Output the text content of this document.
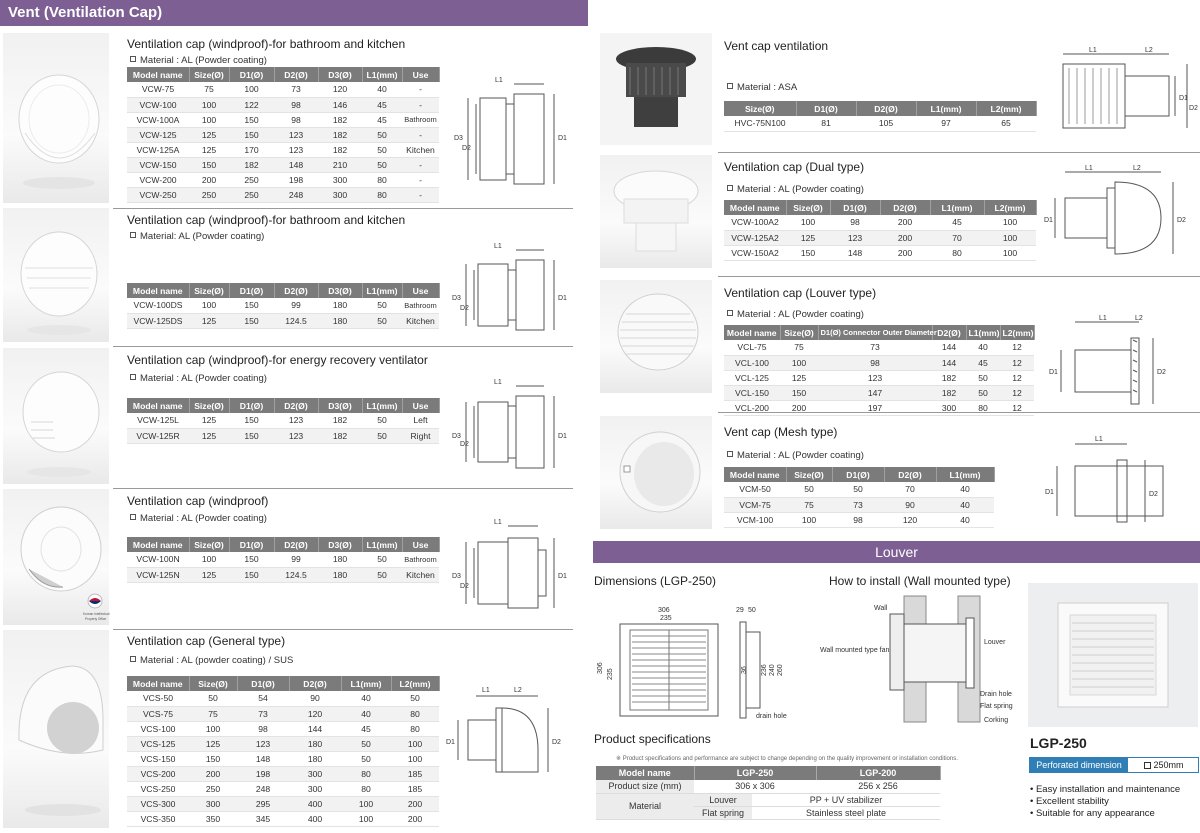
Vent (Ventilation Cap)
Ventilation cap (windproof)-for bathroom and kitchen
Material : AL (Powder coating)
Model name	Size(Ø)	D1(Ø)	D2(Ø)	D3(Ø)	L1(mm)	Use
VCW-75	75	100	73	120	40	-
VCW-100	100	122	98	146	45	-
VCW-100A	100	150	98	182	45	Bathroom
VCW-125	125	150	123	182	50	-
VCW-125A	125	170	123	182	50	Kitchen
VCW-150	150	182	148	210	50	-
VCW-200	200	250	198	300	80	-
VCW-250	250	250	248	300	80	-
L1
D3
D2
D1
Ventilation cap (windproof)-for bathroom and kitchen
Material: AL (Powder coating)
Model name	Size(Ø)	D1(Ø)	D2(Ø)	D3(Ø)	L1(mm)	Use
VCW-100DS	100	150	99	180	50	Bathroom
VCW-125DS	125	150	124.5	180	50	Kitchen
L1
D3
D2
D1
Ventilation cap (windproof)-for energy recovery ventilator
Material : AL (Powder coating)
Model name	Size(Ø)	D1(Ø)	D2(Ø)	D3(Ø)	L1(mm)	Use
VCW-125L	125	150	123	182	50	Left
VCW-125R	125	150	123	182	50	Right
L1
D3
D2
D1
Korean Intellectual
Property Office
Ventilation cap (windproof)
Material : AL (Powder coating)
Model name	Size(Ø)	D1(Ø)	D2(Ø)	D3(Ø)	L1(mm)	Use
VCW-100N	100	150	99	180	50	Bathroom
VCW-125N	125	150	124.5	180	50	Kitchen
L1
D3
D2
D1
Ventilation cap (General type)
Material : AL (powder coating) / SUS
Model name	Size(Ø)	D1(Ø)	D2(Ø)	L1(mm)	L2(mm)
VCS-50	50	54	90	40	50
VCS-75	75	73	120	40	80
VCS-100	100	98	144	45	80
VCS-125	125	123	180	50	100
VCS-150	150	148	180	50	100
VCS-200	200	198	300	80	185
VCS-250	250	248	300	80	185
VCS-300	300	295	400	100	200
VCS-350	350	345	400	100	200
L1	L2
D1	D2
Vent cap ventilation
Material : ASA
Size(Ø)	D1(Ø)	D2(Ø)	L1(mm)	L2(mm)
HVC-75N100	81	105	97	65
L1	L2
D1
D2
Ventilation cap (Dual type)
Material : AL (Powder coating)
Model name	Size(Ø)	D1(Ø)	D2(Ø)	L1(mm)	L2(mm)
VCW-100A2	100	98	200	45	100
VCW-125A2	125	123	200	70	100
VCW-150A2	150	148	200	80	100
L1	L2
D1	D2
Ventilation cap (Louver type)
Material : AL (Powder coating)
Model name	Size(Ø)	D1(Ø) Connector Outer Diameter	D2(Ø)	L1(mm)	L2(mm)
VCL-75	75	73	144	40	12
VCL-100	100	98	144	45	12
VCL-125	125	123	182	50	12
VCL-150	150	147	182	50	12
VCL-200	200	197	300	80	12
L1	L2
D1	D2
Vent cap (Mesh type)
Material : AL (Powder coating)
Model name	Size(Ø)	D1(Ø)	D2(Ø)	L1(mm)
VCM-50	50	50	70	40
VCM-75	75	73	90	40
VCM-100	100	98	120	40
L1
D1	D2
Louver
Dimensions (LGP-250)
306
235
306
235
29 50
36 236 240 260
drain hole
How to install (Wall mounted type)
Wall
Wall mounted type fan
Louver
Drain hole
Flat spring
Corking
Product specifications
※ Product specifications and performance are subject to change depending on the quality improvement or installation conditions.
Model name	LGP-250		LGP-200
Product size (mm)	306 x 306		256 x 256
Material	Louver	PP + UV stabilizer	
	Flat spring	Stainless steel plate	
LGP-250
Perforated dimension	250mm
• Easy installation and maintenance
• Excellent stability
• Suitable for any appearance
